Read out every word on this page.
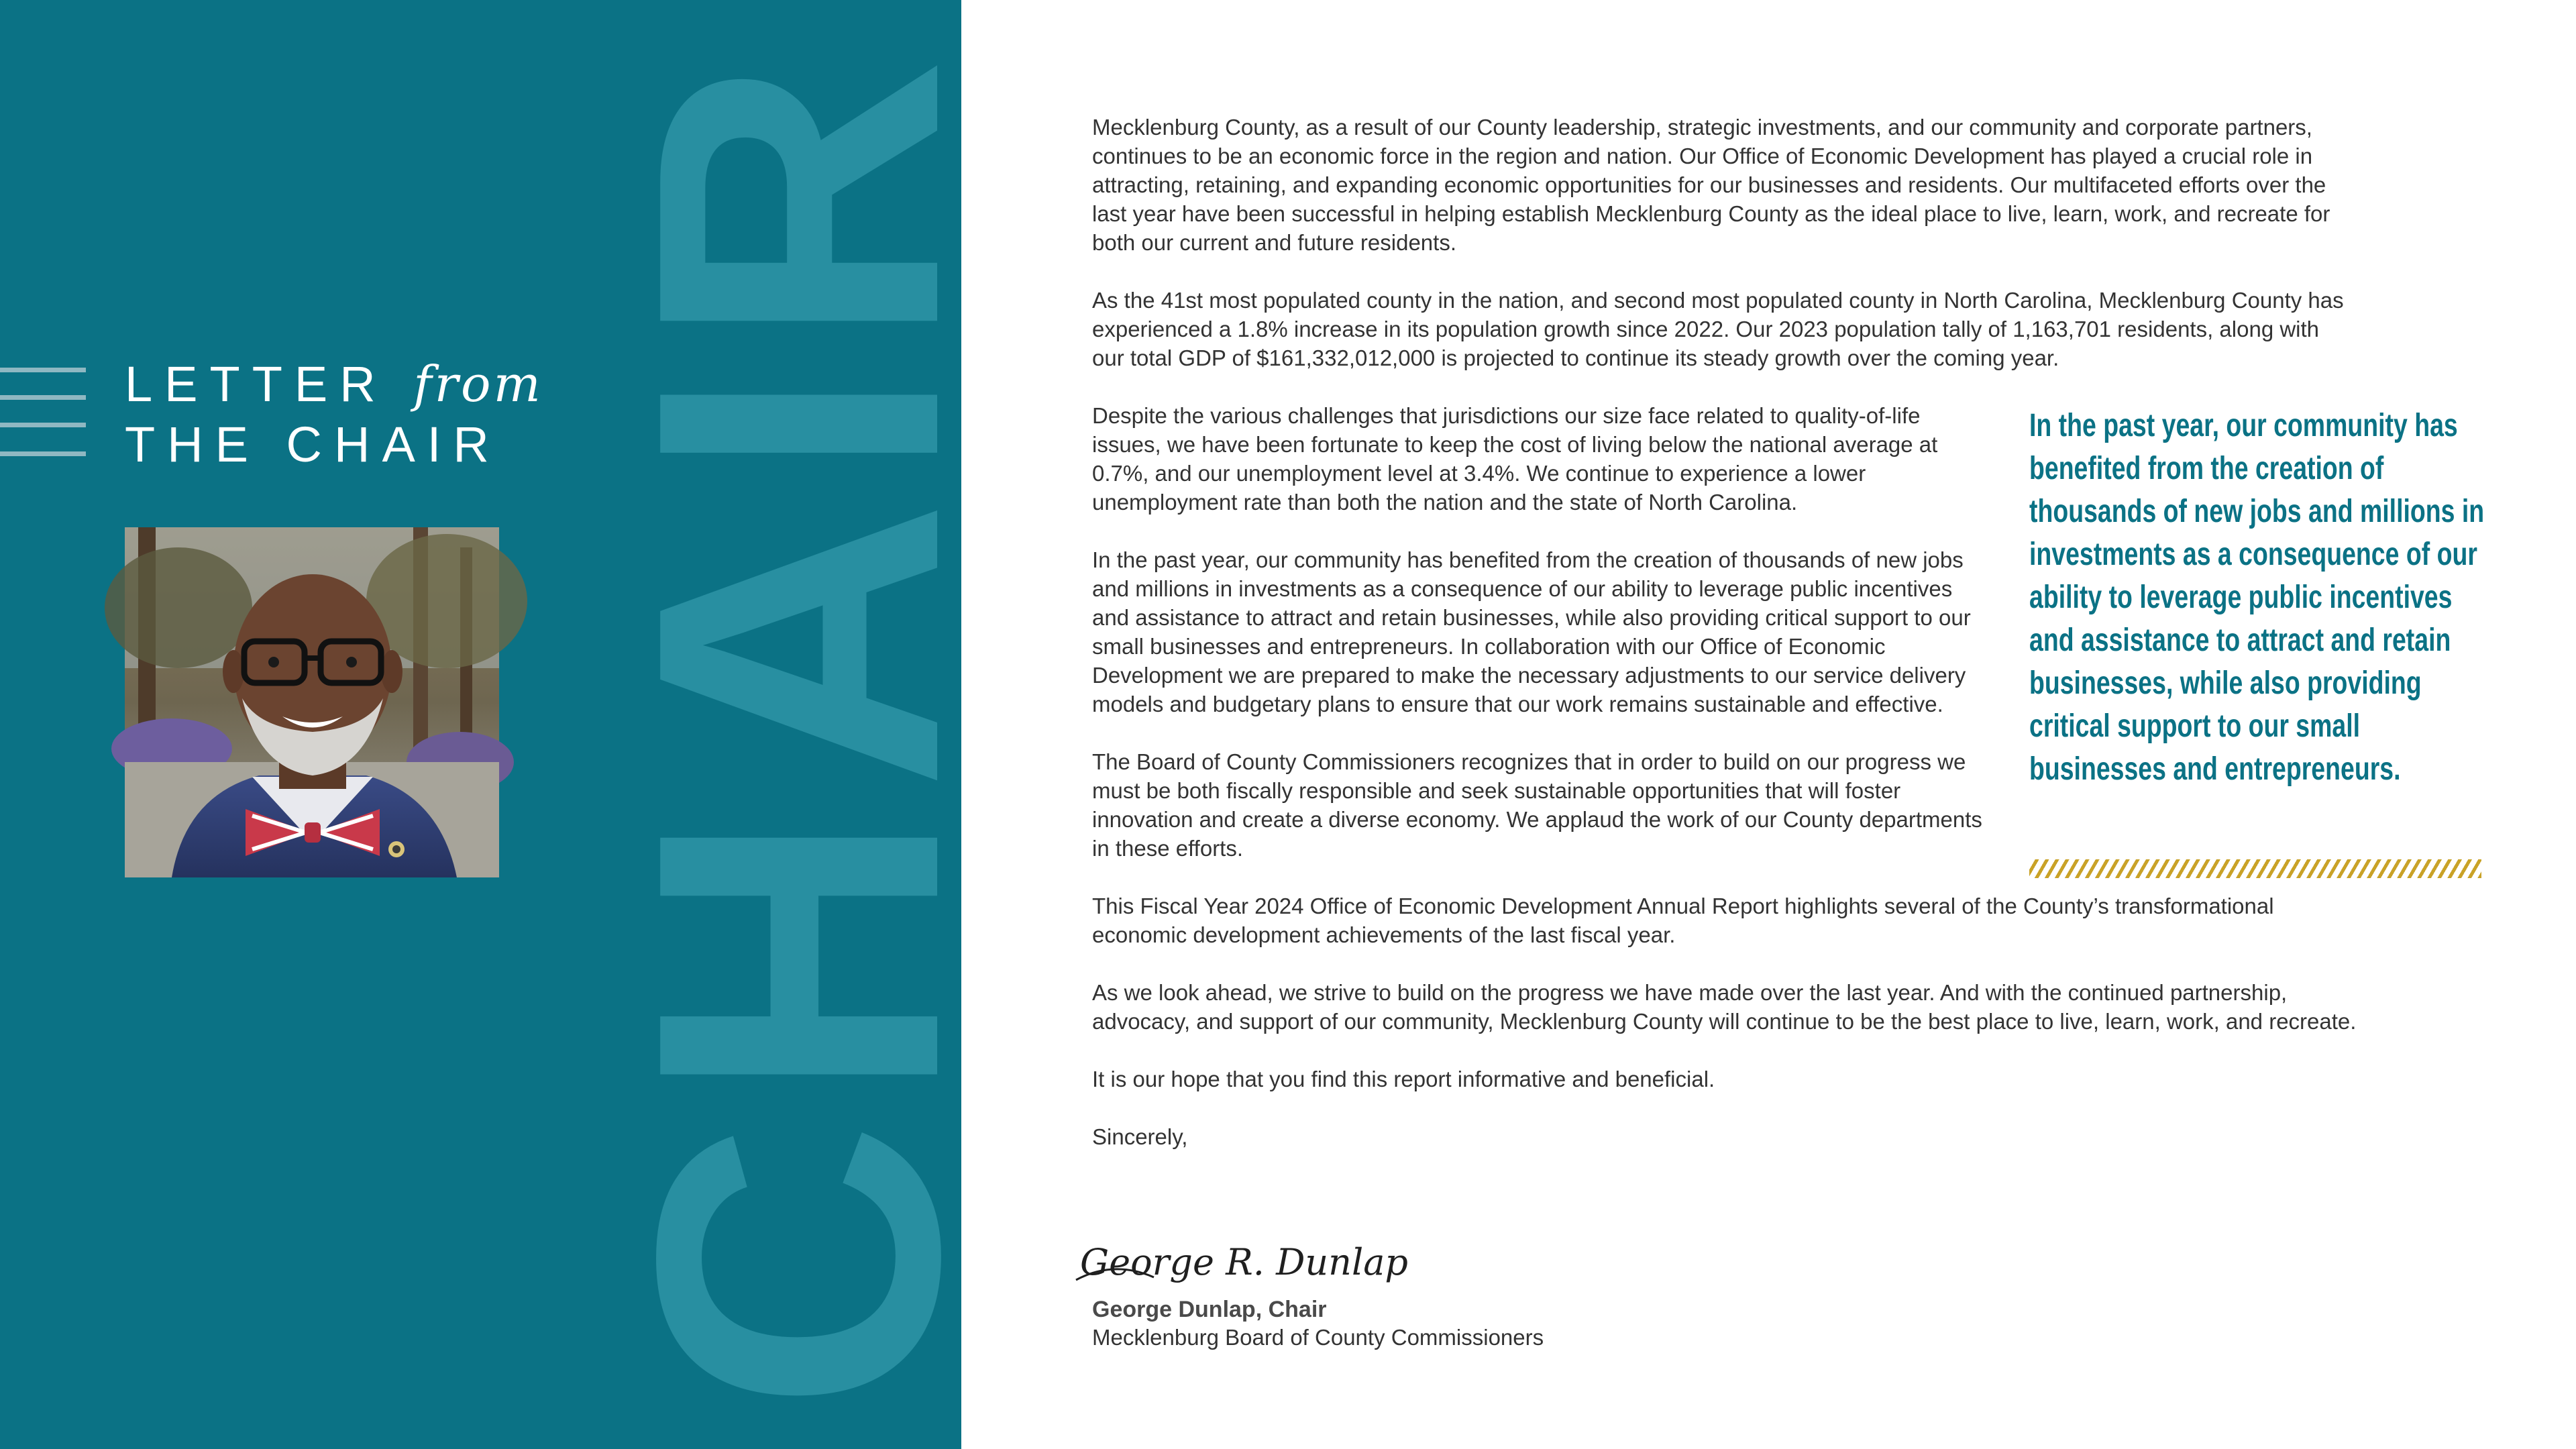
CHAIR
LETTER from
THE CHAIR

Mecklenburg County, as a result of our County leadership, strategic investments, and our community and corporate partners, continues to be an economic force in the region and nation. Our Office of Economic Development has played a crucial role in attracting, retaining, and expanding economic opportunities for our businesses and residents. Our multifaceted efforts over the last year have been successful in helping establish Mecklenburg County as the ideal place to live, learn, work, and recreate for both our current and future residents.

As the 41st most populated county in the nation, and second most populated county in North Carolina, Mecklenburg County has experienced a 1.8% increase in its population growth since 2022. Our 2023 population tally of 1,163,701 residents, along with our total GDP of $161,332,012,000 is projected to continue its steady growth over the coming year.

Despite the various challenges that jurisdictions our size face related to quality-of-life issues, we have been fortunate to keep the cost of living below the national average at 0.7%, and our unemployment level at 3.4%. We continue to experience a lower unemployment rate than both the nation and the state of North Carolina.

In the past year, our community has benefited from the creation of thousands of new jobs and millions in investments as a consequence of our ability to leverage public incentives and assistance to attract and retain businesses, while also providing critical support to our small businesses and entrepreneurs. In collaboration with our Office of Economic Development we are prepared to make the necessary adjustments to our service delivery models and budgetary plans to ensure that our work remains sustainable and effective.

The Board of County Commissioners recognizes that in order to build on our progress we must be both fiscally responsible and seek sustainable opportunities that will foster innovation and create a diverse economy. We applaud the work of our County departments in these efforts.

This Fiscal Year 2024 Office of Economic Development Annual Report highlights several of the County’s transformational economic development achievements of the last fiscal year.

As we look ahead, we strive to build on the progress we have made over the last year. And with the continued partnership, advocacy, and support of our community, Mecklenburg County will continue to be the best place to live, learn, work, and recreate.

It is our hope that you find this report informative and beneficial.

Sincerely,

In the past year, our community has benefited from the creation of thousands of new jobs and millions in investments as a consequence of our ability to leverage public incentives and assistance to attract and retain businesses, while also providing critical support to our small businesses and entrepreneurs.
George R. Dunlap
George Dunlap, Chair
Mecklenburg Board of County Commissioners
